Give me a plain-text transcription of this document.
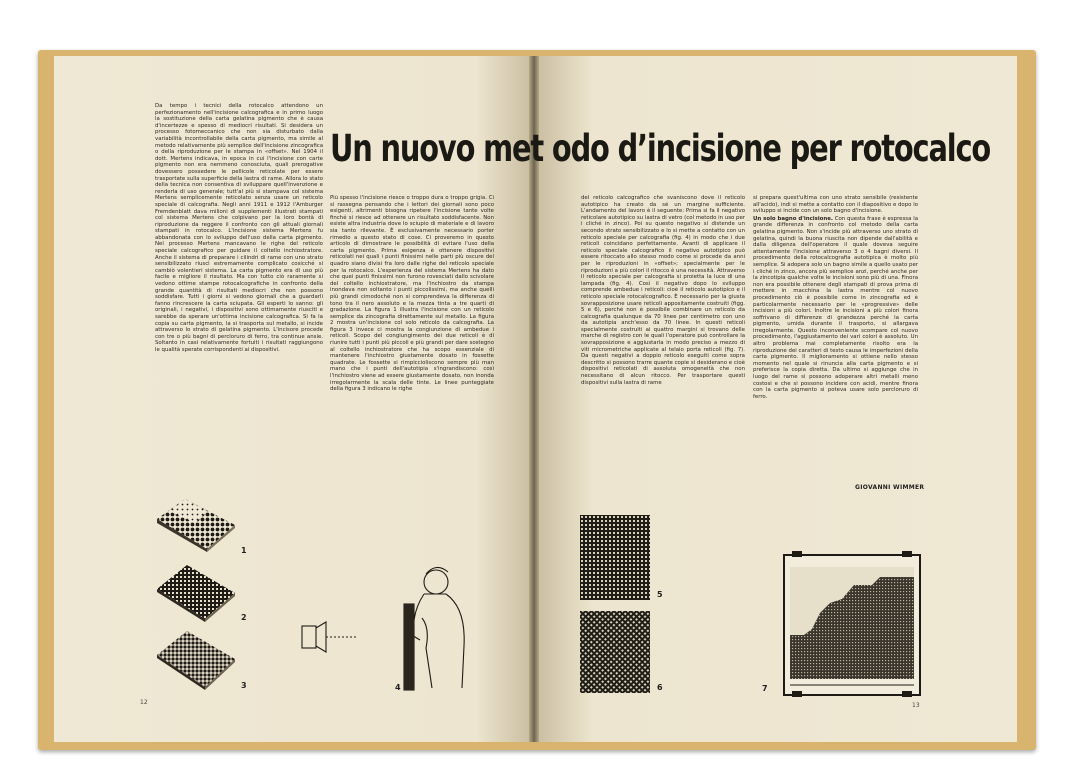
Un nuovo met odo d’incisione per rotocalco

Da tempo i tecnici della rotocalco attendono un perfezionamento nell'incisione calcografica e in primo luogo la sostituzione della carta gelatina pigmento che è causa d'incertezze e spesso di mediocri risultati. Si desidera un processo fotomeccanico che non sia disturbato dalla variabilità incontrollabile della carta pigmento, ma simile al metodo relativamente più semplice dell'incisione zincografica o della riproduzione per le stampa in «offset». Nel 1904 il dott. Mertens indicava, in epoca in cui l'incisione con carte pigmento non era nemmeno conosciuta, quali prerogative dovessero possedere le pellicole reticolate per essere trasportate sulla superficie della lastra di rame. Allora lo stato della tecnica non consentiva di sviluppare quell'invenzione e renderla di uso generale; tutt'al più si stampava col sistema Mertens semplicemente reticolato senza usare un reticolo speciale di calcografia. Negli anni 1911 e 1912 l'Amburger Fremdenblatt dava milioni di supplementi illustrati stampati col sistema Mertens che colpivano per la loro bontà di riproduzione da reggere il confronto con gli attuali giornali stampati in rotocalco. L'incisione sistema Mertens fu abbandonata con lo sviluppo dell'uso della carta pigmento. Nel processo Mertens mancavano le righe del reticolo speciale calcografico per guidare il coltello inchiostratore. Anche il sistema di preparare i cilindri di rame con uno strato sensibilizzato riuscì estremamente complicato cosicché si cambiò volentieri sistema. La carta pigmento era di uso più facile e migliore il risultato. Ma con tutto ciò raramente si vedono ottime stampe rotocalcografiche in confronto della grande quantità di risultati mediocri che non possono soddisfare. Tutti i giorni si vedono giornali che a guardarli fanno rincrescere la carta sciupata. Gli esperti lo sanno: gli originali, i negativi, i dispositivi sono ottimamente riusciti e sarebbe da sperare un'ottima incisione calcografica. Si fa la copia su carta pigmento, la si trasporta sul metallo, si incide attraverso lo strato di gelatina pigmento. L'incisore procede con tre o più bagni di percloruro di ferro, tra continue ansie. Soltanto in casi relativamente fortuiti i risultati raggiungono le qualità sperate corrispondenti ai dispositivi.

Più spesso l'incisione riesce o troppo dura o troppo grigia. Ci si rassegna pensando che i lettori dei giornali sono poco esigenti, altrimenti bisogna ripetere l'incisione tante volte finché si riesce ad ottenere un risultato soddisfacente. Non esiste altra industria dove lo sciupio di materiale e di lavoro sia tanto rilevante. È esclusivamente necessario porter rimedio a questo stato di cose. Ci proveremo in questo articolo di dimostrare le possibilità di evitare l'uso della carta pigmento. Prima esigenza è ottenere dispositivi reticolati nei quali i punti finissimi nelle parti più oscure del quadro siano divisi fra loro dalle righe del reticolo speciale per la rotocalco. L'esperienza del sistema Mertens ha dato che quei punti finissimi non furono rovesciati dallo scivolare del coltello inchiostratore, ma l'inchiostro da stampa inondava non soltanto i punti piccolissimi, ma anche quelli più grandi cimodoché non si comprendeva la differenza di tono tra il nero assoluto e la mezza tinta a tre quarti di gradazione. La figura 1 illustra l'incisione con un reticolo semplice da zincografia direttamente sul metallo. La figura 2 mostra un'incisione col solo reticolo da calcografia. La figura 3 invece ci mostra la congiunzione di ambedue i reticoli. Scopo del congiungimento dei due reticoli è di riunire tutti i punti più piccoli e più grandi per dare sostegno al coltello inchiostratore che ha scopo essenziale di mantenere l'inchiostro giustamente dosato in fossette quadrate. Le fossette si rimpiccioliscono sempre più man mano che i punti dell'autotipia s'ingrandiscono: così l'inchiostro viene ad essere giustamente dosato, non inonda irregolarmente la scala delle tinte. Le linee punteggiate della figura 3 indicano le righe

del reticolo calcografico che svaniscono dove il reticolo autotipico ha creato da sé un margine sufficiente. L'andamento del lavoro è il seguente: Prima si fa il negativo reticolare autotipico su lastra di vetro (col metodo in uso per i cliché in zinco). Poi su questo negativo si distende un secondo strato sensibilizzato e lo si mette a contatto con un reticolo speciale per calcografia (fig. 4) in modo che i due reticoli coincidano perfettamente. Avanti di applicare il reticolo speciale calcografico il negativo autotipico può essere ritoccato allo stesso modo come si procede da anni per le riproduzioni in «offset»; specialmente per le riproduzioni a più colori il ritocco è una necessità. Attraverso il reticolo speciale per calcografia si proietta la luce di una lampada (fig. 4). Così il negativo dopo lo sviluppo comprende ambedue i reticoli: cioè il reticolo autotipico e il reticolo speciale rotocalcografico. È necessario per la giusta sovrapposizione usare reticoli appositamente costruiti (figg. 5 e 6), perché non è possibile combinare un reticolo da calcografia qualunque da 70 linee per centimetro con uno da autotipia anch'esso da 70 linee. In questi reticoli specialmente costruiti ai quattro margini si trovano delle marche di registro con le quali l'operatore può controllare la sovrapposizione e aggiustarla in modo preciso a mezzo di viti micrometriche applicate al telaio porta reticoli (fig. 7). Da questi negativi a doppio reticolo eseguiti come sopra descritto si possono trarre quante copie si desiderano e cioè dispositivi reticolati di assoluta omogeneità che non necessitano di alcun ritocco. Per trasportare questi dispositivi sulla lastra di rame

si prepara quest'ultima con uno strato sensibile (resistente all'acido), indi si mette a contatto con il diapositivo e dopo lo sviluppo si incide con un solo bagno d'incisione.

Un solo bagno d'incisione. Con questa frase è espressa la grande differenza in confronto col metodo della carta gelatina pigmento. Non s'incide più attraverso uno strato di gelatina, quindi la buona riuscita non dipende dall'abilità e dalla diligenza dell'operatore il quale doveva seguire attentamente l'incisione attraverso 3 o 4 bagni diversi. Il procedimento della rotocalcografia autotipica è molto più semplice. Si adopera solo un bagno simile a quello usato per i cliché in zinco, ancora più semplice anzi, perché anche per la zincotipia qualche volte le incisioni sono più di una. Finora non era possibile ottenere degli stampati di prova prima di mettere in macchina la lastra mentre col nuovo procedimento ciò è possibile come in zincografia ed è particolarmente necessario per le «progressive» delle incisioni a più colori. Inoltre le incisioni a più colori finora soffrivano di differenze di grandezza perché la carta pigmento, umida durante il trasporto, si allargava irregolarmente. Questo inconveniente scompare col nuovo procedimento, l'aggiustamento dei vari colori è assoluto. Un altro problema mai completamente risolto era la riproduzione dei caratteri di testo causa le imperfezioni della carta pigmento. Il miglioramento si ottiene nello stesso momento nel quale si rinuncia alla carta pigmento e si preferisce la copia diretta. Da ultimo si aggiunge che in luogo del rame si possono adoperare altri metalli meno costosi e che si possono incidere con acidi, mentre finora con la carta pigmento si poteva usare solo percloruro di ferro.

GIOVANNI WIMMER
12	13
1
2
3	4
5
6	7
